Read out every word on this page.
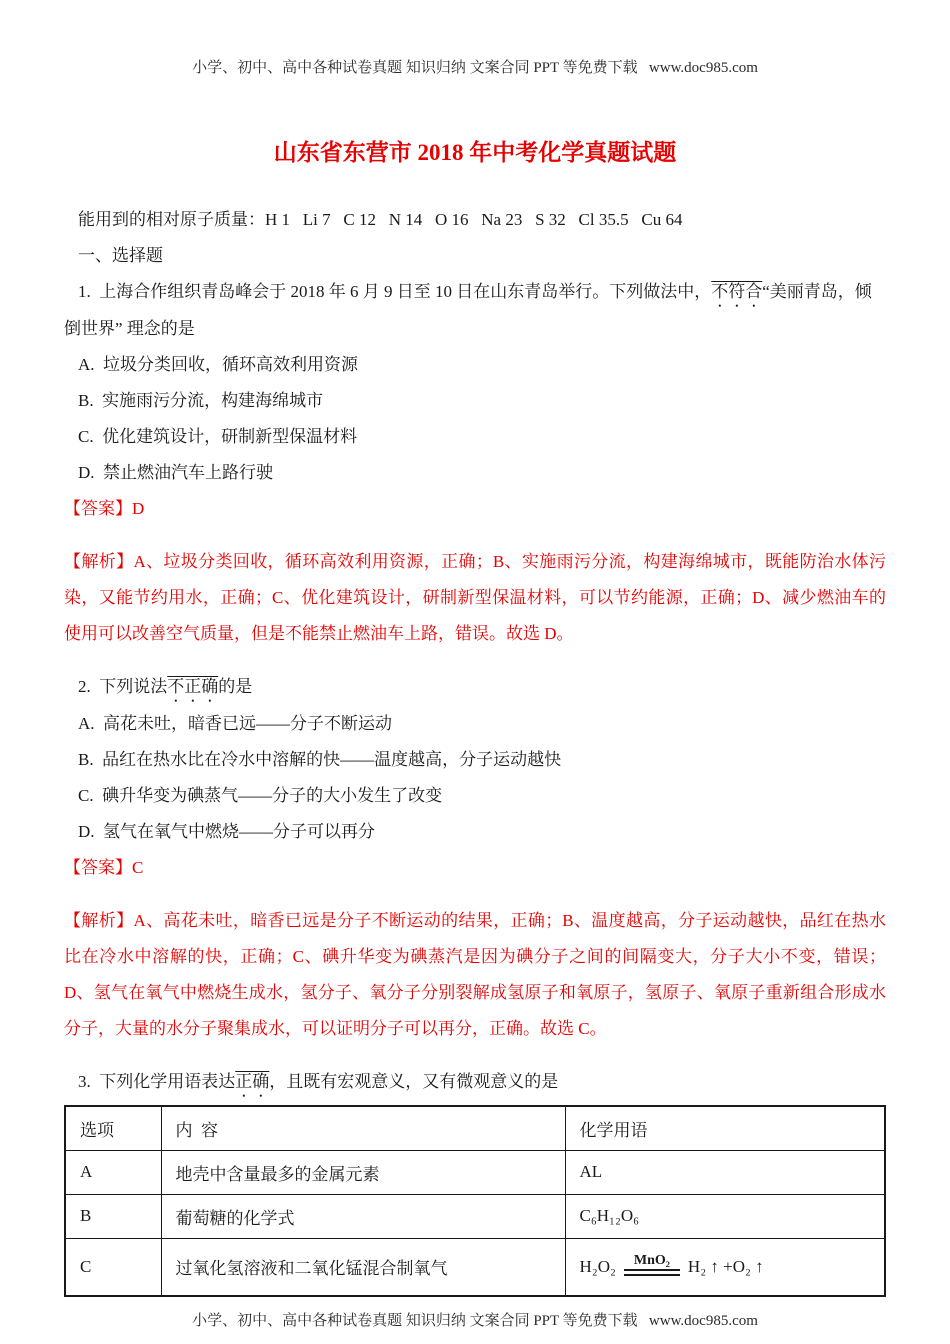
小学、初中、高中各种试卷真题 知识归纳 文案合同 PPT 等免费下载   www.doc985.com
山东省东营市 2018 年中考化学真题试题

能用到的相对原子质量：H 1   Li 7   C 12   N 14   O 16   Na 23   S 32   Cl 35.5   Cu 64

一、选择题

1.  上海合作组织青岛峰会于 2018 年 6 月 9 日至 10 日在山东青岛举行。下列做法中，不符合“美丽青岛，倾倒世界” 理念的是

A.  垃圾分类回收，循环高效利用资源

B.  实施雨污分流，构建海绵城市

C.  优化建筑设计，研制新型保温材料

D.  禁止燃油汽车上路行驶

【答案】D

【解析】A、垃圾分类回收，循环高效利用资源，正确；B、实施雨污分流，构建海绵城市，既能防治水体污染，又能节约用水，正确；C、优化建筑设计，研制新型保温材料，可以节约能源，正确；D、减少燃油车的使用可以改善空气质量，但是不能禁止燃油车上路，错误。故选 D。

2.  下列说法不正确的是

A.  高花未吐，暗香已远——分子不断运动

B.  品红在热水比在冷水中溶解的快——温度越高，分子运动越快

C.  碘升华变为碘蒸气——分子的大小发生了改变

D.  氢气在氧气中燃烧——分子可以再分

【答案】C

【解析】A、高花未吐，暗香已远是分子不断运动的结果，正确；B、温度越高，分子运动越快，品红在热水比在冷水中溶解的快，正确；C、碘升华变为碘蒸汽是因为碘分子之间的间隔变大，分子大小不变，错误；D、氢气在氧气中燃烧生成水，氢分子、氧分子分别裂解成氢原子和氧原子，氢原子、氧原子重新组合形成水分子，大量的水分子聚集成水，可以证明分子可以再分，正确。故选 C。

3.  下列化学用语表达正确，且既有宏观意义，又有微观意义的是

选项	内  容	化学用语
A	地壳中含量最多的金属元素	AL
B	葡萄糖的化学式	C₆H₁₂O₆
C	过氧化氢溶液和二氧化锰混合制氧气	H₂O₂ MnO₂ H₂ ↑ +O₂ ↑
小学、初中、高中各种试卷真题 知识归纳 文案合同 PPT 等免费下载   www.doc985.com
